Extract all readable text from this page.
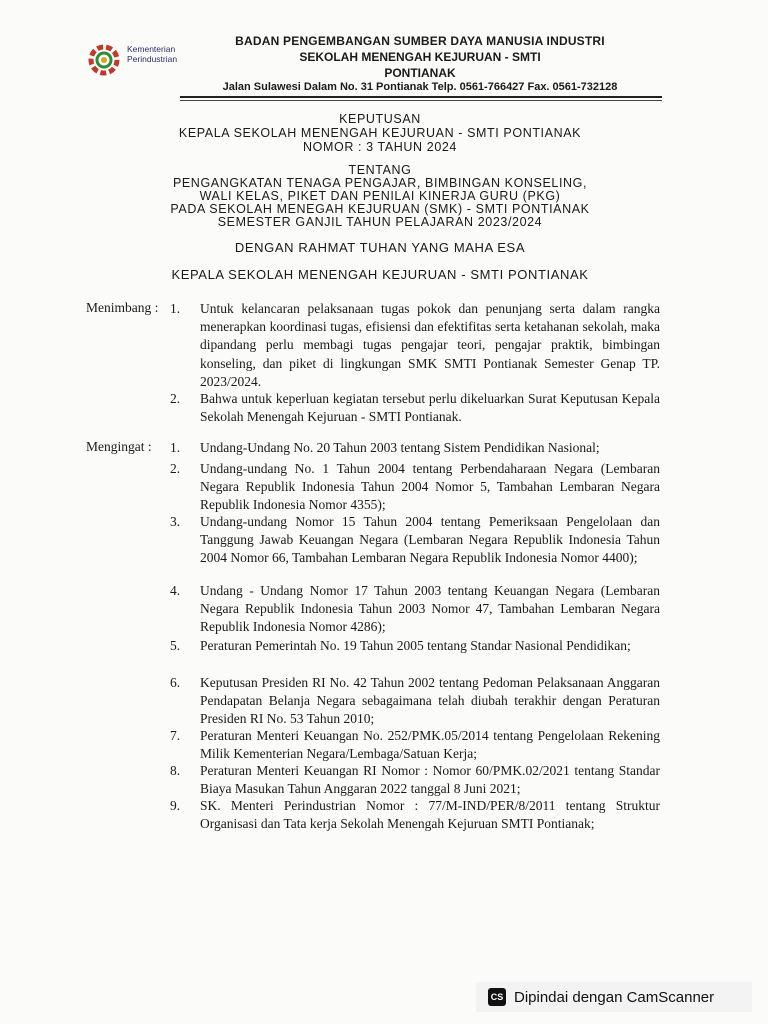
Kementerian
Perindustrian
BADAN PENGEMBANGAN SUMBER DAYA MANUSIA INDUSTRI
SEKOLAH MENENGAH KEJURUAN - SMTI
PONTIANAK
Jalan Sulawesi Dalam No. 31 Pontianak Telp. 0561-766427 Fax. 0561-732128
KEPUTUSAN
KEPALA SEKOLAH MENENGAH KEJURUAN - SMTI PONTIANAK
NOMOR : 3 TAHUN 2024
TENTANG
PENGANGKATAN TENAGA PENGAJAR, BIMBINGAN KONSELING,
WALI KELAS, PIKET DAN PENILAI KINERJA GURU (PKG)
PADA SEKOLAH MENEGAH KEJURUAN (SMK) - SMTI PONTIANAK
SEMESTER GANJIL TAHUN PELAJARAN 2023/2024
DENGAN RAHMAT TUHAN YANG MAHA ESA
KEPALA SEKOLAH MENENGAH KEJURUAN - SMTI PONTIANAK
Menimbang : 1.	Untuk kelancaran pelaksanaan tugas pokok dan penunjang serta dalam rangka menerapkan koordinasi tugas, efisiensi dan efektifitas serta ketahanan sekolah, maka dipandang perlu membagi tugas pengajar teori, pengajar praktik, bimbingan konseling, dan piket di lingkungan SMK SMTI Pontianak Semester Genap TP. 2023/2024.
2.	Bahwa untuk keperluan kegiatan tersebut perlu dikeluarkan Surat Keputusan Kepala Sekolah Menengah Kejuruan - SMTI Pontianak.
Mengingat : 1.	Undang-Undang No. 20 Tahun 2003 tentang Sistem Pendidikan Nasional;
2.	Undang-undang No. 1 Tahun 2004 tentang Perbendaharaan Negara (Lembaran Negara Republik Indonesia Tahun 2004 Nomor 5, Tambahan Lembaran Negara Republik Indonesia Nomor 4355);
3.	Undang-undang Nomor 15 Tahun 2004 tentang Pemeriksaan Pengelolaan dan Tanggung Jawab Keuangan Negara (Lembaran Negara Republik Indonesia Tahun 2004 Nomor 66, Tambahan Lembaran Negara Republik Indonesia Nomor 4400);
4.	Undang - Undang Nomor 17 Tahun 2003 tentang Keuangan Negara (Lembaran Negara Republik Indonesia Tahun 2003 Nomor 47, Tambahan Lembaran Negara Republik Indonesia Nomor 4286);
5.	Peraturan Pemerintah No. 19 Tahun 2005 tentang Standar Nasional Pendidikan;
6.	Keputusan Presiden RI No. 42 Tahun 2002 tentang Pedoman Pelaksanaan Anggaran Pendapatan Belanja Negara sebagaimana telah diubah terakhir dengan Peraturan Presiden RI No. 53 Tahun 2010;
7.	Peraturan Menteri Keuangan No. 252/PMK.05/2014 tentang Pengelolaan Rekening Milik Kementerian Negara/Lembaga/Satuan Kerja;
8.	Peraturan Menteri Keuangan RI Nomor : Nomor 60/PMK.02/2021 tentang Standar Biaya Masukan Tahun Anggaran 2022 tanggal 8 Juni 2021;
9.	SK. Menteri Perindustrian Nomor : 77/M-IND/PER/8/2011 tentang Struktur Organisasi dan Tata kerja Sekolah Menengah Kejuruan SMTI Pontianak;
CS Dipindai dengan CamScanner
